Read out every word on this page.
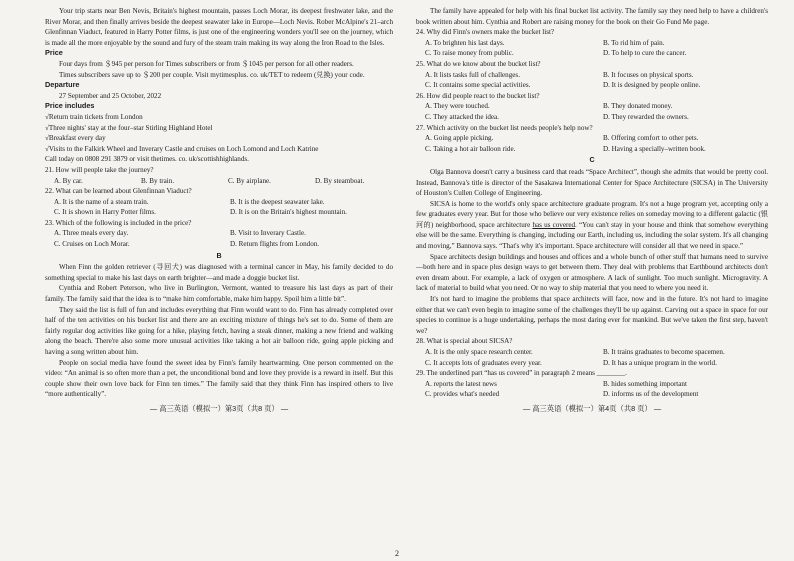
Your trip starts near Ben Nevis, Britain's highest mountain, passes Loch Morar, its deepest freshwater lake, and the River Morar, and then finally arrives beside the deepest seawater lake in Europe—Loch Nevis. Rober McAlpine's 21–arch Glenfinnan Viaduct, featured in Harry Potter films, is just one of the engineering wonders you'll see on the journey, which is made all the more enjoyable by the sound and fury of the steam train making its way along the Iron Road to the Isles.

Price

Four days from ＄945 per person for Times subscribers or from ＄1045 per person for all other readers.

Times subscribers save up to ＄200 per couple. Visit mytimesplus. co. uk/TET to redeem (兑换) your code.

Departure

27 September and 25 October, 2022

Price includes

√Return train tickets from London

√Three nights' stay at the four–star Stirling Highland Hotel

√Breakfast every day

√Visits to the Falkirk Wheel and Inverary Castle and cruises on Loch Lomond and Loch Katrine

Call today on 0808 291 3879 or visit thetimes. co. uk/scottishhighlands.

21. How will people take the journey?

A. By car.	B. By train.	C. By airplane.	D. By steamboat.

22. What can be learned about Glenfinnan Viaduct?

A. It is the name of a steam train.	B. It is the deepest seawater lake.
C. It is shown in Harry Potter films.	D. It is on the Britain's highest mountain.

23. Which of the following is included in the price?

A. Three meals every day.	B. Visit to Inverary Castle.
C. Cruises on Loch Morar.	D. Return flights from London.

B

When Finn the golden retriever (寻回犬) was diagnosed with a terminal cancer in May, his family decided to do something special to make his last days on earth brighter—and made a doggie bucket list.

Cynthia and Robert Peterson, who live in Burlington, Vermont, wanted to treasure his last days as part of their family. The family said that the idea is to “make him comfortable, make him happy. Spoil him a little bit”.

They said the list is full of fun and includes everything that Finn would want to do. Finn has already completed over half of the ten activities on his bucket list and there are an exciting mixture of things he's set to do. Some of them are fairly regular dog activities like going for a hike, playing fetch, having a steak dinner, making a new friend and walking along the beach. There're also some more unusual activities like taking a hot air balloon ride, going apple picking and having a song written about him.

People on social media have found the sweet idea by Finn's family heartwarming. One person commented on the video: “An animal is so often more than a pet, the unconditional bond and love they provide is a reward in itself. But this couple show their own love back for Finn ten times.” The family said that they think Finn has inspired others to live “more authentically”.

— 高三英语（模拟一）第3页（共8 页） —

The family have appealed for help with his final bucket list activity. The family say they need help to have a children's book written about him. Cynthia and Robert are raising money for the book on their Go Fund Me page.

24. Why did Finn's owners make the bucket list?

A. To brighten his last days.	B. To rid him of pain.
C. To raise money from public.	D. To help to cure the cancer.

25. What do we know about the bucket list?

A. It lists tasks full of challenges.	B. It focuses on physical sports.
C. It contains some special activities.	D. It is designed by people online.

26. How did people react to the bucket list?

A. They were touched.	B. They donated money.
C. They attacked the idea.	D. They rewarded the owners.

27. Which activity on the bucket list needs people's help now?

A. Going apple picking.	B. Offering comfort to other pets.
C. Taking a hot air balloon ride.	D. Having a specially–written book.

C

Olga Bannova doesn't carry a business card that reads “Space Architect”, though she admits that would be pretty cool. Instead, Bannova's title is director of the Sasakawa International Center for Space Architecture (SICSA) in The University of Houston's Cullen College of Engineering.

SICSA is home to the world's only space architecture graduate program. It's not a huge program yet, accepting only a few graduates every year. But for those who believe our very existence relies on someday moving to a different galactic (银河的) neighborhood, space architecture has us covered. “You can't stay in your house and think that somehow everything else will be the same. Everything is changing, including our Earth, including us, including the solar system. It's all changing and moving,” Bannova says. “That's why it's important. Space architecture will consider all that we need in space.”

Space architects design buildings and houses and offices and a whole bunch of other stuff that humans need to survive—both here and in space plus design ways to get between them. They deal with problems that Earthbound architects don't even dream about. For example, a lack of oxygen or atmosphere. A lack of sunlight. Too much sunlight. Microgravity. A lack of material to build what you need. Or no way to ship material that you need to where you need it.

It's not hard to imagine the problems that space architects will face, now and in the future. It's not hard to imagine either that we can't even begin to imagine some of the challenges they'll be up against. Carving out a space in space for our species to continue is a huge undertaking, perhaps the most daring ever for mankind. But we've taken the first step, haven't we?

28. What is special about SICSA?

A. It is the only space research center.	B. It trains graduates to become spacemen.
C. It accepts lots of graduates every year.	D. It has a unique program in the world.

29. The underlined part “has us covered” in paragraph 2 means ________.

A. reports the latest news	B. hides something important
C. provides what's needed	D. informs us of the development

— 高三英语（模拟一）第4页（共8 页） —

2
